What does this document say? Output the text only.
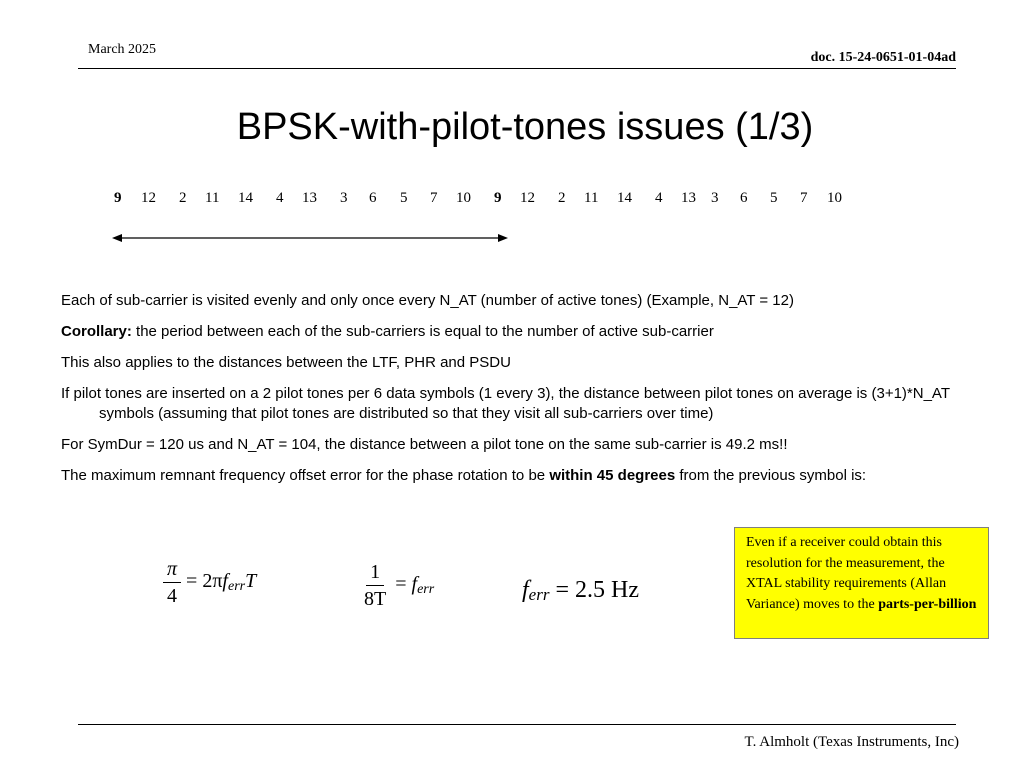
March 2025
doc. 15-24-0651-01-04ad
BPSK-with-pilot-tones issues (1/3)
9 12 2 11 14 4 13 3 6 5 7 10 9 12 2 11 14 4 13 3 6 5 7 10

Each of sub-carrier is visited evenly and only once every N_AT (number of active tones) (Example, N_AT = 12)

Corollary: the period between each of the sub-carriers is equal to the number of active sub-carrier

This also applies to the distances between the LTF, PHR and PSDU

If pilot tones are inserted on a 2 pilot tones per 6 data symbols (1 every 3), the distance between pilot tones on average is (3+1)*N_AT symbols (assuming that pilot tones are distributed so that they visit all sub-carriers over time)

For SymDur = 120 us and N_AT = 104, the distance between a pilot tone on the same sub-carrier is 49.2 ms!!

The maximum remnant frequency offset error for the phase rotation to be within 45 degrees from the previous symbol is:

$\frac{\pi}{4} = 2\pi f_{err}T$	$\frac{1}{8T} = f_{err}$	ferr = 2.5 Hz
Even if a receiver could obtain this resolution for the measurement, the XTAL stability requirements (Allan Variance) moves to the parts-per-billion
T. Almholt (Texas Instruments, Inc)
